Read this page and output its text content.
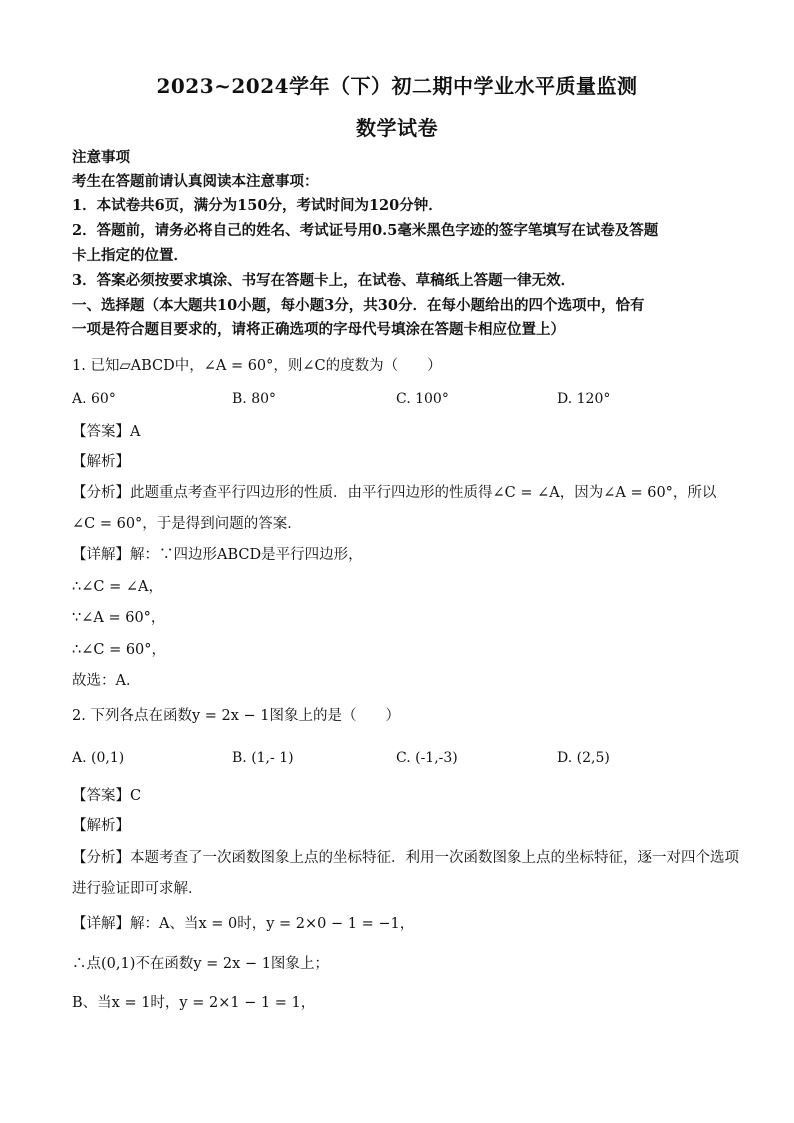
2023~2024学年（下）初二期中学业水平质量监测
数学试卷
注意事项
考生在答题前请认真阅读本注意事项：
1．本试卷共6页，满分为150分，考试时间为120分钟．
2．答题前，请务必将自己的姓名、考试证号用0.5毫米黑色字迹的签字笔填写在试卷及答题
卡上指定的位置．
3．答案必须按要求填涂、书写在答题卡上，在试卷、草稿纸上答题一律无效．
一、选择题（本大题共10小题，每小题3分，共30分．在每小题给出的四个选项中，恰有
一项是符合题目要求的，请将正确选项的字母代号填涂在答题卡相应位置上）
1. 已知▱ABCD中，∠A = 60°，则∠C的度数为（　　）
A. 60°	B. 80°	C. 100°	D. 120°
【答案】A
【解析】
【分析】此题重点考查平行四边形的性质．由平行四边形的性质得∠C = ∠A，因为∠A = 60°，所以
∠C = 60°，于是得到问题的答案．
【详解】解：∵四边形ABCD是平行四边形，
∴∠C = ∠A，
∵∠A = 60°，
∴∠C = 60°，
故选：A．
2. 下列各点在函数y = 2x − 1图象上的是（　　）
A. (0,1)	B. (1,- 1)	C. (-1,-3)	D. (2,5)
【答案】C
【解析】
【分析】本题考查了一次函数图象上点的坐标特征．利用一次函数图象上点的坐标特征，逐一对四个选项
进行验证即可求解．
【详解】解：A、当x = 0时，y = 2×0 − 1 = −1，
∴点(0,1)不在函数y = 2x − 1图象上；
B、当x = 1时，y = 2×1 − 1 = 1，
